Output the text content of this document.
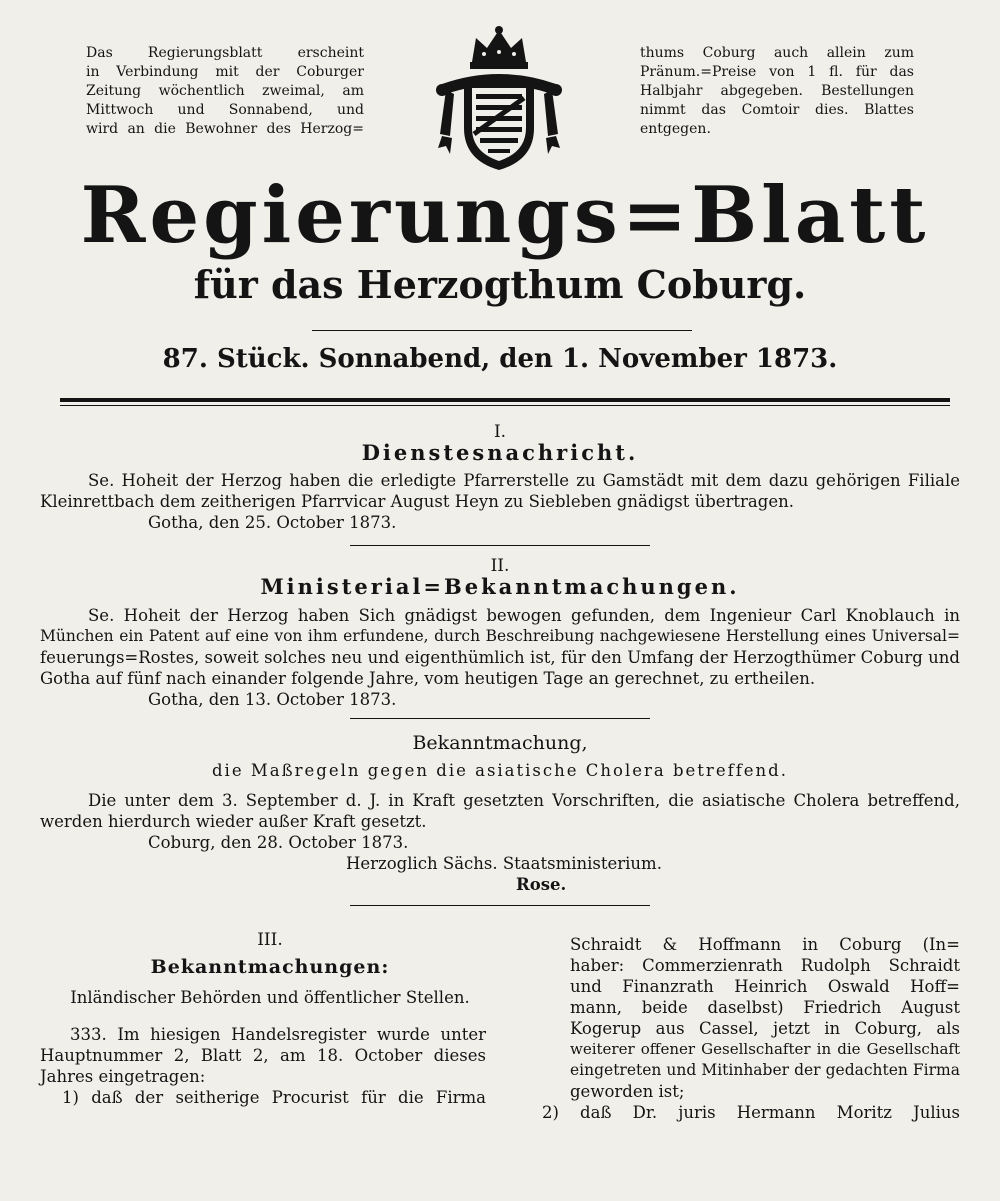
Das Regierungsblatt erscheint
in Verbindung mit der Coburger
Zeitung wöchentlich zweimal, am
Mittwoch und Sonnabend, und
wird an die Bewohner des Herzog=
thums Coburg auch allein zum
Pränum.=Preise von 1 fl. für das
Halbjahr abgegeben. Bestellungen
nimmt das Comtoir dies. Blattes
entgegen.
Regierungs=Blatt
für das Herzogthum Coburg.
87. Stück. Sonnabend, den 1. November 1873.
I.
Dienstesnachricht.
Se. Hoheit der Herzog haben die erledigte Pfarrerstelle zu Gamstädt mit dem dazu gehörigen Filiale
Kleinrettbach dem zeitherigen Pfarrvicar August Heyn zu Siebleben gnädigst übertragen.
Gotha, den 25. October 1873.
II.
Ministerial=Bekanntmachungen.
Se. Hoheit der Herzog haben Sich gnädigst bewogen gefunden, dem Ingenieur Carl Knoblauch in
München ein Patent auf eine von ihm erfundene, durch Beschreibung nachgewiesene Herstellung eines Universal=
feuerungs=Rostes, soweit solches neu und eigenthümlich ist, für den Umfang der Herzogthümer Coburg und
Gotha auf fünf nach einander folgende Jahre, vom heutigen Tage an gerechnet, zu ertheilen.
Gotha, den 13. October 1873.
Bekanntmachung,
die Maßregeln gegen die asiatische Cholera betreffend.
Die unter dem 3. September d. J. in Kraft gesetzten Vorschriften, die asiatische Cholera betreffend,
werden hierdurch wieder außer Kraft gesetzt.
Coburg, den 28. October 1873.
Herzoglich Sächs. Staatsministerium.
Rose.
III.
Bekanntmachungen:
Inländischer Behörden und öffentlicher Stellen.
333. Im hiesigen Handelsregister wurde unter
Hauptnummer 2, Blatt 2, am 18. October dieses
Jahres eingetragen:
1) daß der seitherige Procurist für die Firma
Schraidt & Hoffmann in Coburg (In=
haber: Commerzienrath Rudolph Schraidt
und Finanzrath Heinrich Oswald Hoff=
mann, beide daselbst) Friedrich August
Kogerup aus Cassel, jetzt in Coburg, als
weiterer offener Gesellschafter in die Gesellschaft
eingetreten und Mitinhaber der gedachten Firma
geworden ist;
2) daß Dr. juris Hermann Moritz Julius
